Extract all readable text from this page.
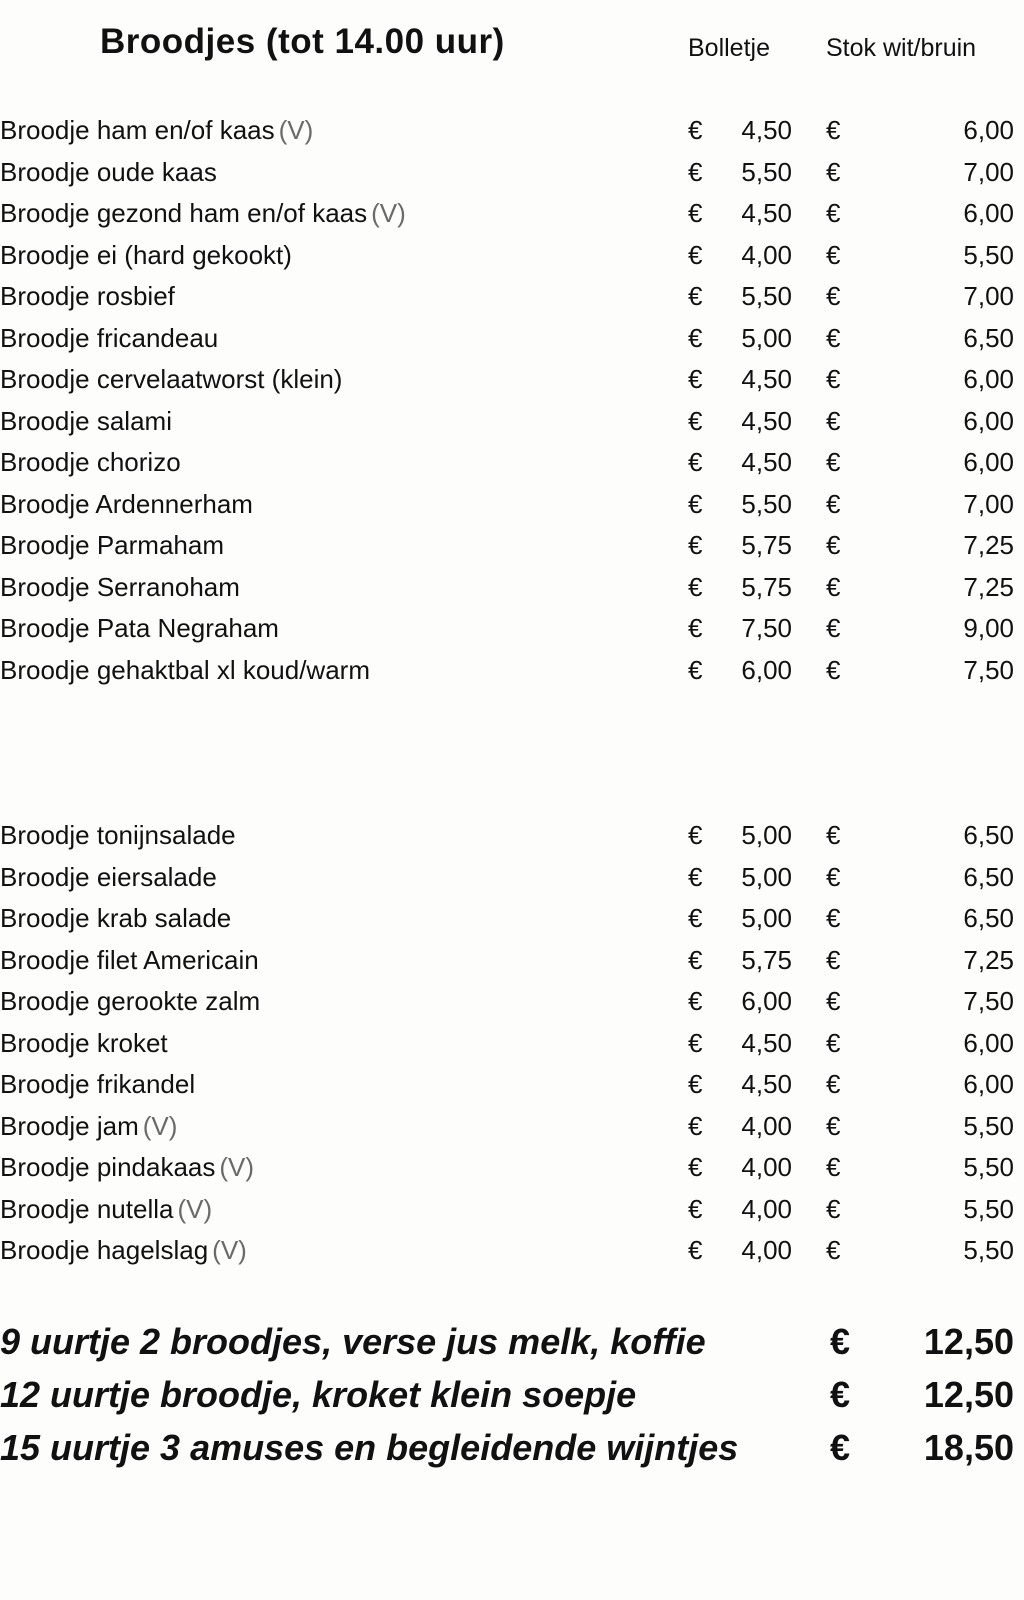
Broodjes (tot 14.00 uur)	Bolletje Stok wit/bruin
Broodje ham en/of kaas (V)	€	4,50 €	6,00
Broodje oude kaas	€	5,50 €	7,00
Broodje gezond ham en/of kaas (V)	€	4,50 €	6,00
Broodje ei (hard gekookt)	€	4,00 €	5,50
Broodje rosbief	€	5,50 €	7,00
Broodje fricandeau	€	5,00 €	6,50
Broodje cervelaatworst (klein)	€	4,50 €	6,00
Broodje salami	€	4,50 €	6,00
Broodje chorizo	€	4,50 €	6,00
Broodje Ardennerham	€	5,50 €	7,00
Broodje Parmaham	€	5,75 €	7,25
Broodje Serranoham	€	5,75 €	7,25
Broodje Pata Negraham	€	7,50 €	9,00
Broodje gehaktbal xl koud/warm	€	6,00 €	7,50
Broodje tonijnsalade	€	5,00 €	6,50
Broodje eiersalade	€	5,00 €	6,50
Broodje krab salade	€	5,00 €	6,50
Broodje filet Americain	€	5,75 €	7,25
Broodje gerookte zalm	€	6,00 €	7,50
Broodje kroket	€	4,50 €	6,00
Broodje frikandel	€	4,50 €	6,00
Broodje jam (V)	€	4,00 €	5,50
Broodje pindakaas (V)	€	4,00 €	5,50
Broodje nutella (V)	€	4,00 €	5,50
Broodje hagelslag (V)	€	4,00 €	5,50
9 uurtje 2 broodjes, verse jus melk, koffie	€	12,50
12 uurtje broodje, kroket klein soepje	€	12,50
15 uurtje 3 amuses en begleidende wijntjes	€	18,50
